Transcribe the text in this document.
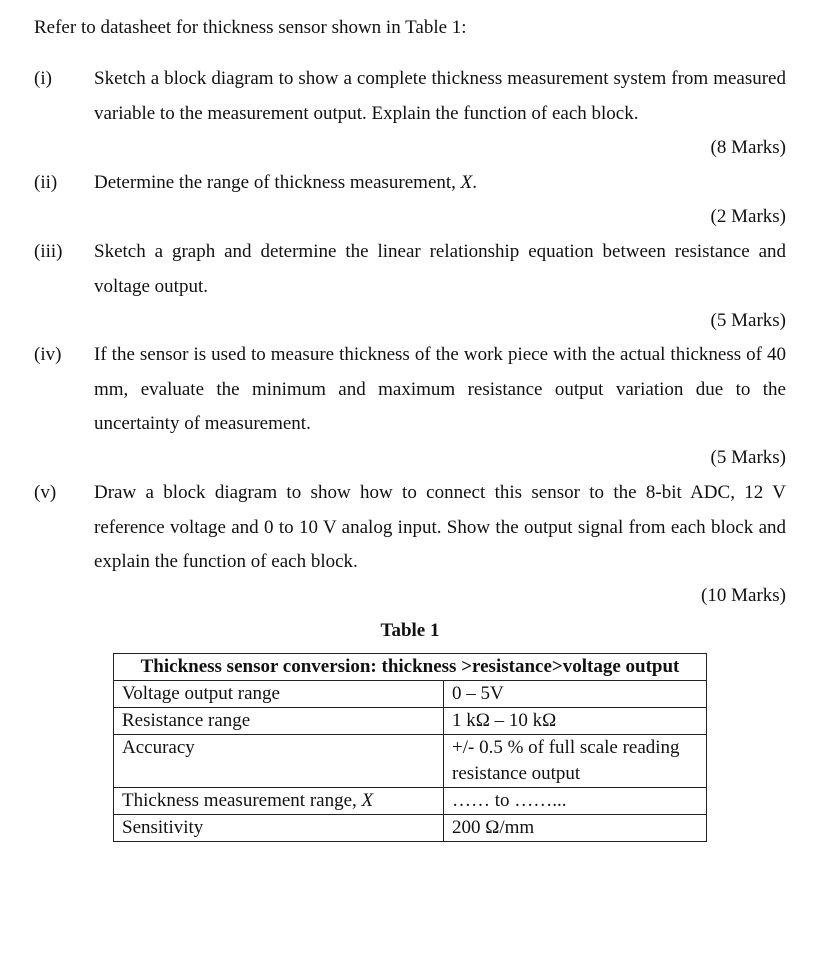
Refer to datasheet for thickness sensor shown in Table 1:
(i) Sketch a block diagram to show a complete thickness measurement system from measured variable to the measurement output. Explain the function of each block.
(8 Marks)
(ii) Determine the range of thickness measurement, X.
(2 Marks)
(iii) Sketch a graph and determine the linear relationship equation between resistance and voltage output.
(5 Marks)
(iv) If the sensor is used to measure thickness of the work piece with the actual thickness of 40 mm, evaluate the minimum and maximum resistance output variation due to the uncertainty of measurement.
(5 Marks)
(v) Draw a block diagram to show how to connect this sensor to the 8-bit ADC, 12 V reference voltage and 0 to 10 V analog input. Show the output signal from each block and explain the function of each block.
(10 Marks)
Table 1
Thickness sensor conversion: thickness >resistance>voltage output	
Voltage output range	0 – 5V
Resistance range	1 kΩ – 10 kΩ
Accuracy	+/- 0.5 % of full scale reading resistance output
Thickness measurement range, X	…… to ……...
Sensitivity	200 Ω/mm
